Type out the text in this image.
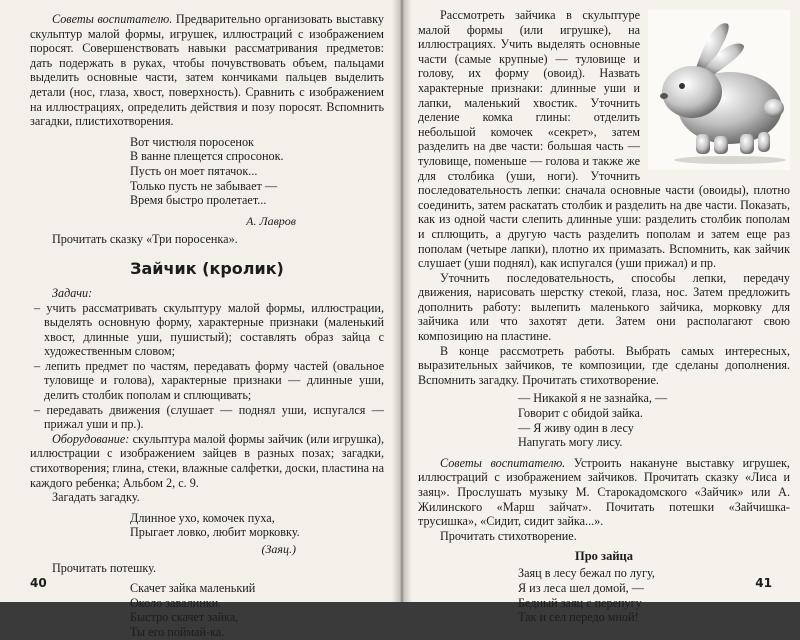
Советы воспитателю. Предварительно организовать выставку скульптур малой формы, игрушек, иллюстраций с изображением поросят. Совершенствовать навыки рассматривания предметов: дать подержать в руках, чтобы почувствовать объем, пальцами выделить основные части, затем кончиками пальцев выделить детали (нос, глаза, хвост, поверхность). Сравнить с изображением на иллюстрациях, определить действия и позу поросят. Вспомнить загадки, плистихотворения.

Вот чистюля поросенок
В ванне плещется спросонок.
Пусть он моет пятачок...
Только пусть не забывает —
Время быстро пролетает...
А. Лавров

Прочитать сказку «Три поросенка».

Зайчик (кролик)

Задачи:

– учить рассматривать скульптуру малой формы, иллюстрации, выделять основную форму, характерные признаки (маленький хвост, длинные уши, пушистый); составлять образ зайца с художественным словом;
– лепить предмет по частям, передавать форму частей (овальное туловище и голова), характерные признаки — длинные уши, делить столбик пополам и сплющивать;
– передавать движения (слушает — поднял уши, испугался — прижал уши и пр.).

Оборудование: скульптура малой формы зайчик (или игрушка), иллюстрации с изображением зайцев в разных позах; загадки, стихотворения; глина, стеки, влажные салфетки, доски, пластина на каждого ребенка; Альбом 2, с. 9.

Загадать загадку.

Длинное ухо, комочек пуха,
Прыгает ловко, любит морковку.
(Заяц.)

Прочитать потешку.

Скачет зайка маленький
Около завалинки.
Быстро скачет зайка,
Ты его поймай-ка.
40

Рассмотреть зайчика в скульптуре малой формы (или игрушке), на иллюстрациях. Учить выделять основные части (самые крупные) — туловище и голову, их форму (овоид). Назвать характерные признаки: длинные уши и лапки, маленький хвостик. Уточнить деление комка глины: отделить небольшой комочек «секрет», затем разделить на две части: большая часть — туловище, поменьше — голова и также же для столбика (уши, ноги). Уточнить последовательность лепки: сначала основные части (овоиды), плотно соединить, затем раскатать столбик и разделить на две части. Показать, как из одной части слепить длинные уши: разделить столбик пополам и сплющить, а другую часть разделить пополам и затем еще раз пополам (четыре лапки), плотно их примазать. Вспомнить, как зайчик слушает (уши поднял), как испугался (уши прижал) и пр.

Уточнить последовательность, способы лепки, передачу движения, нарисовать шерстку стекой, глаза, нос. Затем предложить дополнить работу: вылепить маленького зайчика, морковку для зайчика или что захотят дети. Затем они располагают свою композицию на пластине.

В конце рассмотреть работы. Выбрать самых интересных, выразительных зайчиков, те композиции, где сделаны дополнения. Вспомнить загадку. Прочитать стихотворение.

— Никакой я не зазнайка, —
Говорит с обидой зайка.
— Я живу один в лесу
Напугать могу лису.

Советы воспитателю. Устроить накануне выставку игрушек, иллюстраций с изображением зайчиков. Прочитать сказку «Лиса и заяц». Прослушать музыку М. Старокадомского «Зайчик» или А. Жилинского «Марш зайчат». Почитать потешки «Зайчишка-трусишка», «Сидит, сидит зайка...».

Прочитать стихотворение.

Про зайца
Заяц в лесу бежал по лугу,
Я из леса шел домой, —
Бедный заяц с перепугу
Так и сел передо мной!
41
